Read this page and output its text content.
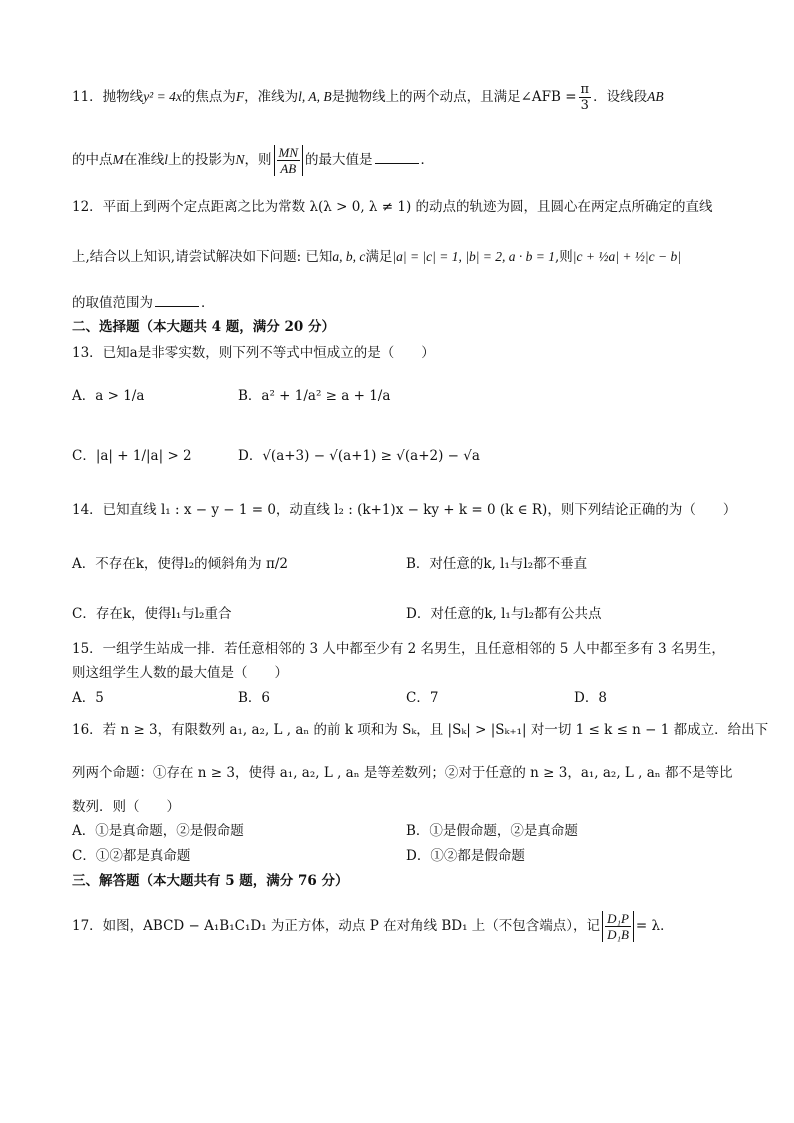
11．抛物线y² = 4x的焦点为F，准线为l, A, B是抛物线上的两个动点，且满足∠AFB = $\frac{\pi}{3}$ ．设线段AB
的中点M在准线l上的投影为N，则 $\frac{MN}{AB}$ 的最大值是	．
12．平面上到两个定点距离之比为常数 λ(λ > 0, λ ≠ 1) 的动点的轨迹为圆，且圆心在两定点所确定的直线
上,结合以上知识,请尝试解决如下问题: 已知a, b, c满足|a| = |c| = 1, |b| = 2, a · b = 1,则|c + ½a| + ½|c − b|
的取值范围为	．
二、选择题（本大题共 4 题，满分 20 分）
13．已知a是非零实数，则下列不等式中恒成立的是（　　）
A．a > 1/a	B．a² + 1/a² ≥ a + 1/a
C．|a| + 1/|a| > 2	D．√(a+3) − √(a+1) ≥ √(a+2) − √a
14．已知直线 l₁ : x − y − 1 = 0，动直线 l₂ : (k+1)x − ky + k = 0 (k ∈ R)，则下列结论正确的为（　　）
A．不存在k，使得l₂的倾斜角为 π/2	B．对任意的k, l₁与l₂都不垂直
C．存在k，使得l₁与l₂重合	D．对任意的k, l₁与l₂都有公共点
15．一组学生站成一排．若任意相邻的 3 人中都至少有 2 名男生，且任意相邻的 5 人中都至多有 3 名男生，
则这组学生人数的最大值是（　　）
A．5	B．6	C．7	D．8
16．若 n ≥ 3，有限数列 a₁, a₂, L , aₙ 的前 k 项和为 Sₖ，且 |Sₖ| > |Sₖ₊₁| 对一切 1 ≤ k ≤ n − 1 都成立．给出下
列两个命题：①存在 n ≥ 3，使得 a₁, a₂, L , aₙ 是等差数列；②对于任意的 n ≥ 3，a₁, a₂, L , aₙ 都不是等比
数列．则（　　）
A．①是真命题，②是假命题	B．①是假命题，②是真命题
C．①②都是真命题	D．①②都是假命题
三、解答题（本大题共有 5 题，满分 76 分）
17．如图，ABCD − A₁B₁C₁D₁ 为正方体，动点 P 在对角线 BD₁ 上（不包含端点），记 $\frac{\text{D₁P}}{\text{D₁B}} = \lambda$．
